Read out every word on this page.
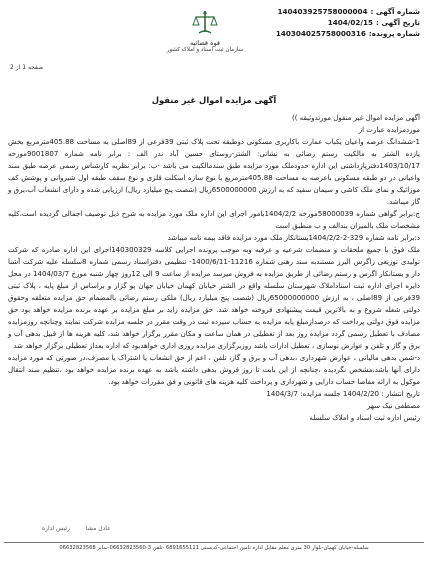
شماره آگهی :
140403925758000004
تاریخ آگهی :
1404/02/15
شماره پرونده:
140304025758000316
قوه قضائیه
سازمان ثبت اسناد و املاک کشور
صفحه 1 از 2
آگهی مزایده اموال غیر منقول

آگهی مزایده اموال غیر منقول مورتدوثیقه ))

موردمزایده عبارت از

1-ششدانگ عرصه واعیان یکباب عمارت باکاربری مسکونی دوطبقه تحت پلاک ثبتی 39فرعی از 89اصلی به مساحت 405.88مترمربع بخش یازده الشتر به مالکیت رستم رضائی به نشانی: الشتر-روستای حسین آباد ندر الف : برابر نامه شماره 9001807مورخه 1403/10/17دفترپازداشتی این اداره حدودملک مورد مزایده طبق سندمالکیت می باشد -ب: برابر نظریه کارشناس رسمی عرصه طبق سند واعیانی در دو طبقه مسکونی باعرصه به مساحت 405.88مترمربع با نوع سازه اسکلت فلزی و نوع سقف طبقه اول شیروانی و پوشش کف موزائیک و نمای ملک کاشی و سیمان سفید که به ارزش 6500000000ریال (شصت پنج میلیارد ریال) ارزیابی شده و دارای انشعاب آب،برق و گاز میباشد.

ج:برابر گواهی شماره 58000039مورخه 1404/2/2بامور اجرای این اداره ملک مورد مزایده به شرح ذیل توصیف اجمالی گردیده است،کلیه مشخصات ملک بالمیزان بندالف و ب منطبق است

د:برابر نامه شماره 329-2-1404/2/2بستانکار ملک مورد مزایده فاقد بیمه نامه میباشد

ملک فوق با جمیع ملحقات و منضمات شرعیه و عرفیه وبه موجب پرونده اجرایی کلاسه 140300329اجرای این اداره صادره که شرکت تولیدی توزیعی زاگرس البرز مستندبه سند رهنی شماره 11216-1400/6/11- تنظیمی دفتراسناد رسمی شماره 8سلسله علیه شرکت آشنا دار و بستانکار اگرس و رستم رضائی از طریق مزایده به فروش میرسد مزایده از ساعت 9 الی 12روز چهار شنبه مورخ 1404/03/7 در محل دایره اجرای اداره ثبت اسناداملاک شهرستان سلسله واقع در الشتر خیابان کهمان خیابان جهان پو گزار و براساس از مبلغ پایه ، پلاک ثبتی 39فرعی از 89اصلی ، به ارزش 65000000000ریال (شصت پنج میلیارد ریال) ملکی رستم رضائی بالمضمام حق مزایده متعلقه وحقوق دولتی شعله شروع و به بالاترین قیمت پیشنهادی فروخته خواهد شد. حق مزایده زاید بر مبلغ مزایده بر عهده برنده مزایده خواهد بود حق مزایده فوق دولتی پرداخت که درصدازمبلغ پایه مزایده به حساب سپرده ثبت در وقت مقرر در جلسه مزایده شرکت نمایند وچنانچه روزمزایده مصادف با تعطیل رسمی گردد مزایده روز بعد از تعطیلی در همان ساعت و مکان مقرر برگزار خواهد شد، کلیه هزینه ها از قبیل بدهی آب و برق و گاز و تلفن و عوارض نوسازی ، تعطیل ادارات باشد روزبرگزاری مزایده روزی اداری خواهدبود که اداره بعداز تعطیلی برگزار خواهد شد

د-شمن بدهی مالیاتی ، عوارض شهرداری ،بدهی آب و برق و گاز، تلفن ، اعم از حق انشعاب یا اشتراک یا مصرف،در صورتی که مورد مزایده دارای آنها باشد،مشخص نگردیده ،چنانچه از این بابت تا روز فروش بدهی داشته باشد به عهده برنده مزایده خواهد بود ،تنظیم سند انتقال موکول به ارائه مفاصا حساب دارایی و شهرداری و پرداخت کلیه هزینه های قانونی و فق مقررات خواهد بود.

تاریخ انتشار : 1404/2/20 جلسه مزایده: 1404/3/7

مصطفی نیک سهر

رئیس اداره ثبت اسناد و املاک سلسله

عادل مشا رئیس اداره
سلسله-خیابان کهمان-بلوار 30 متری معلم مقابل اداره نامین اجتماعی-کدپستی 6891655111 -تلفن 3-06632823560-نمابر 06632823568
